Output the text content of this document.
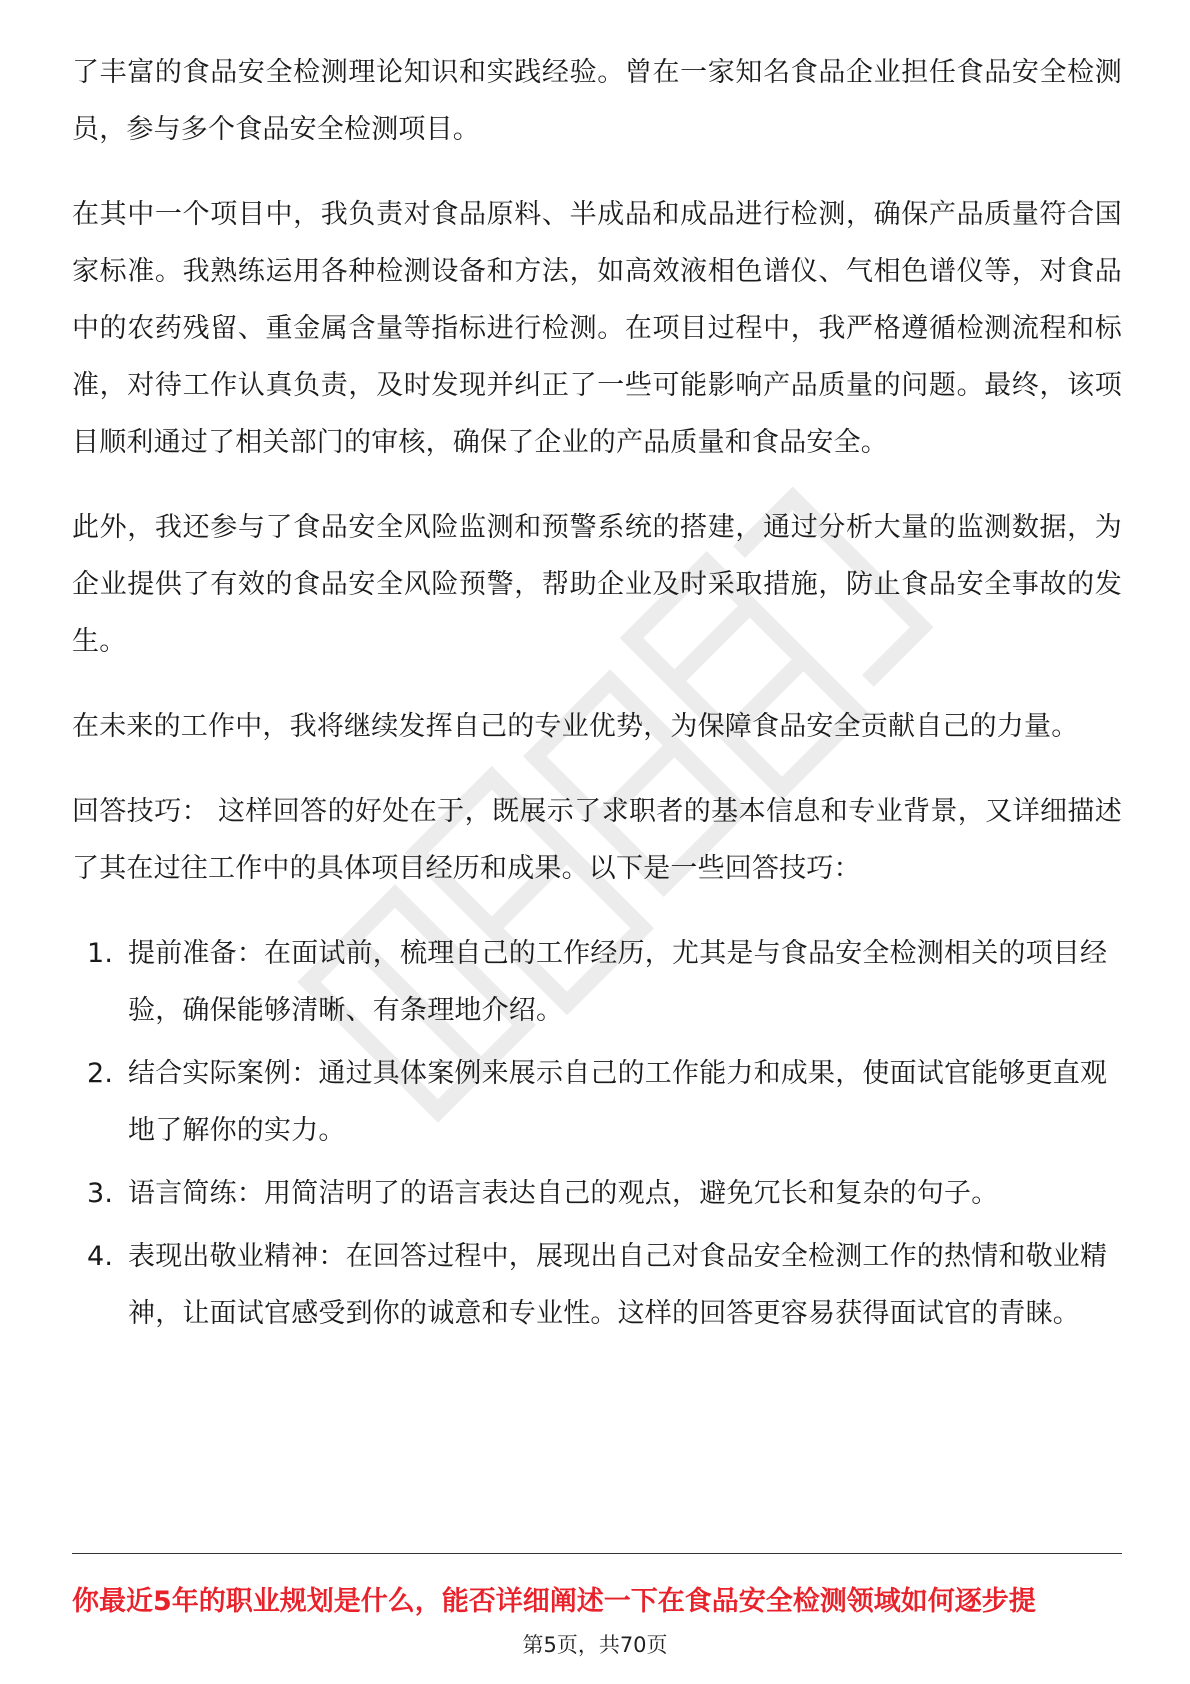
了丰富的食品安全检测理论知识和实践经验。曾在一家知名食品企业担任食品安全检测员，参与多个食品安全检测项目。

在其中一个项目中，我负责对食品原料、半成品和成品进行检测，确保产品质量符合国家标准。我熟练运用各种检测设备和方法，如高效液相色谱仪、气相色谱仪等，对食品中的农药残留、重金属含量等指标进行检测。在项目过程中，我严格遵循检测流程和标准，对待工作认真负责，及时发现并纠正了一些可能影响产品质量的问题。最终，该项目顺利通过了相关部门的审核，确保了企业的产品质量和食品安全。

此外，我还参与了食品安全风险监测和预警系统的搭建，通过分析大量的监测数据，为企业提供了有效的食品安全风险预警，帮助企业及时采取措施，防止食品安全事故的发生。

在未来的工作中，我将继续发挥自己的专业优势，为保障食品安全贡献自己的力量。

回答技巧： 这样回答的好处在于，既展示了求职者的基本信息和专业背景，又详细描述了其在过往工作中的具体项目经历和成果。以下是一些回答技巧：

1. 提前准备：在面试前，梳理自己的工作经历，尤其是与食品安全检测相关的项目经验，确保能够清晰、有条理地介绍。
2. 结合实际案例：通过具体案例来展示自己的工作能力和成果，使面试官能够更直观地了解你的实力。
3. 语言简练：用简洁明了的语言表达自己的观点，避免冗长和复杂的句子。
4. 表现出敬业精神：在回答过程中，展现出自己对食品安全检测工作的热情和敬业精神，让面试官感受到你的诚意和专业性。这样的回答更容易获得面试官的青睐。
你最近5年的职业规划是什么，能否详细阐述一下在食品安全检测领域如何逐步提
第5页，共70页
